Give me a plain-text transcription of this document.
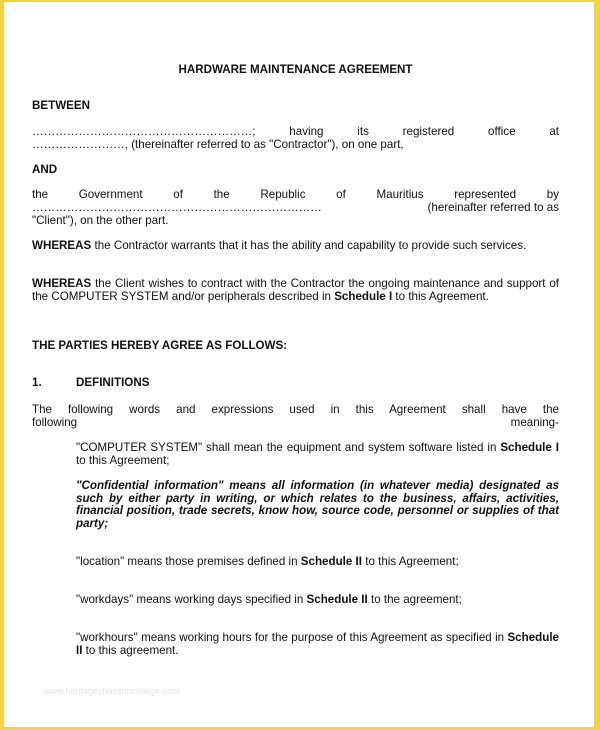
HARDWARE MAINTENANCE AGREEMENT
BETWEEN
…………………………………………………; having its registered office at
……………………, (thereinafter referred to as "Contractor"), on one part,
AND
the Government of the Republic of Mauritius represented by
…………………………………………………………………	(hereinafter referred to as
"Client"), on the other part.
WHEREAS the Contractor warrants that it has the ability and capability to provide such services.
WHEREAS the Client wishes to contract with the Contractor the ongoing maintenance and support of the COMPUTER SYSTEM and/or peripherals described in Schedule I to this Agreement.
THE PARTIES HEREBY AGREE AS FOLLOWS:
1.	DEFINITIONS
The following words and expressions used in this Agreement shall have the
following	meaning-
"COMPUTER SYSTEM" shall mean the equipment and system software listed in Schedule I to this Agreement;
"Confidential information" means all information (in whatever media) designated as such by either party in writing, or which relates to the business, affairs, activities, financial position, trade secrets, know how, source code, personnel or supplies of that party;
"location" means those premises defined in Schedule II to this Agreement;
"workdays" means working days specified in Schedule II to the agreement;
"workhours" means working hours for the purpose of this Agreement as specified in Schedule II to this agreement.
www.heritagechristiancollege.com
